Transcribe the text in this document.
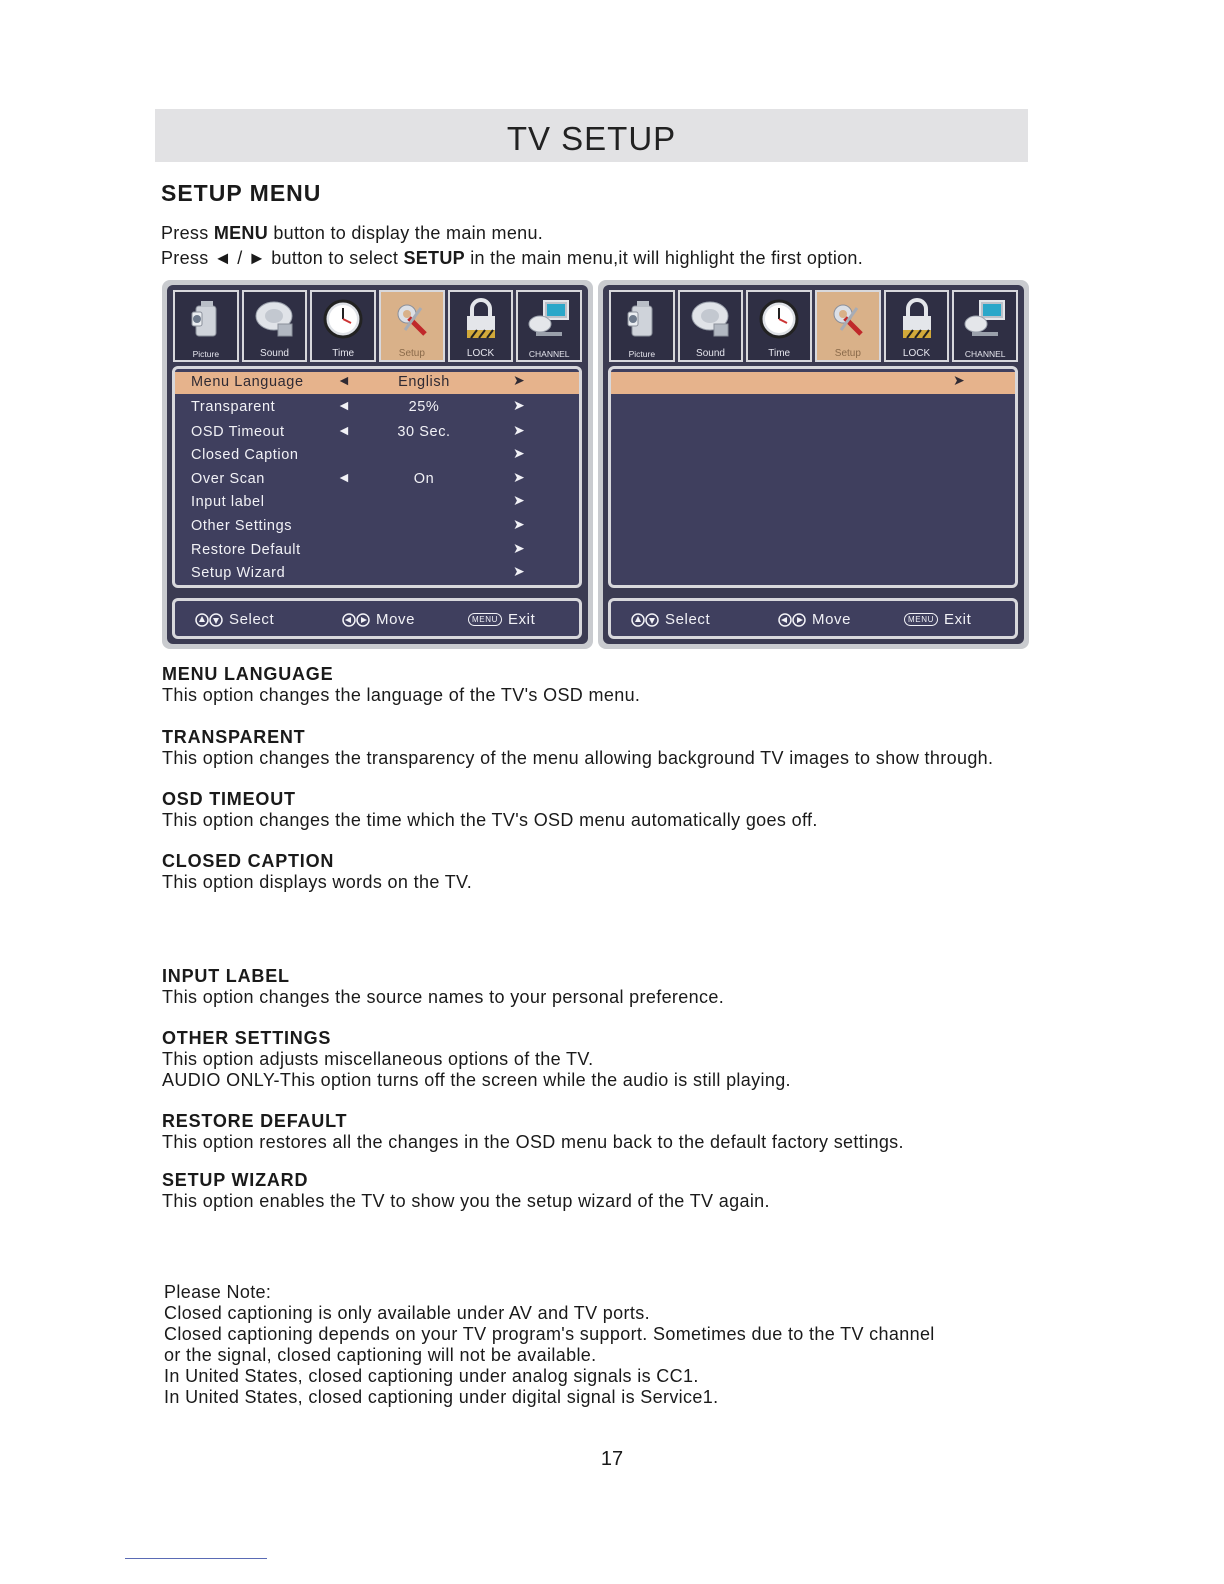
TV SETUP
SETUP MENU
Press MENU button to display the main menu.
Press ◄ / ► button to select SETUP in the main menu,it will highlight the first option.
Picture	Sound	Time	Setup	LOCK	CHANNEL
Menu Language ◄	English	➤
Transparent	◄	25%	➤
OSD Timeout	◄	30 Sec.	➤
Closed Caption	➤
Over Scan	◄	On	➤
Input label	➤
Other Settings	➤
Restore Default	➤
Setup Wizard	➤
Select	Move	MENU Exit
Picture	Sound	Time	Setup	LOCK	CHANNEL
➤
Select	Move	MENU Exit
MENU LANGUAGE
This option changes the language of the TV's OSD menu.
TRANSPARENT
This option changes the transparency of the menu allowing background TV images to show through.
OSD TIMEOUT
This option changes the time which the TV's OSD menu automatically goes off.
CLOSED CAPTION
This option displays words on the TV.
INPUT LABEL
This option changes the source names to your personal preference.
OTHER SETTINGS
This option adjusts miscellaneous options of the TV.
AUDIO ONLY-This option turns off the screen while the audio is still playing.
RESTORE DEFAULT
This option restores all the changes in the OSD menu back to the default factory settings.
SETUP WIZARD
This option enables the TV to show you the setup wizard of the TV again.
Please Note:
Closed captioning is only available under AV and TV ports.
Closed captioning depends on your TV program's support. Sometimes due to the TV channel
or the signal, closed captioning will not be available.
In United States, closed captioning under analog signals is CC1.
In United States, closed captioning under digital signal is Service1.
17
